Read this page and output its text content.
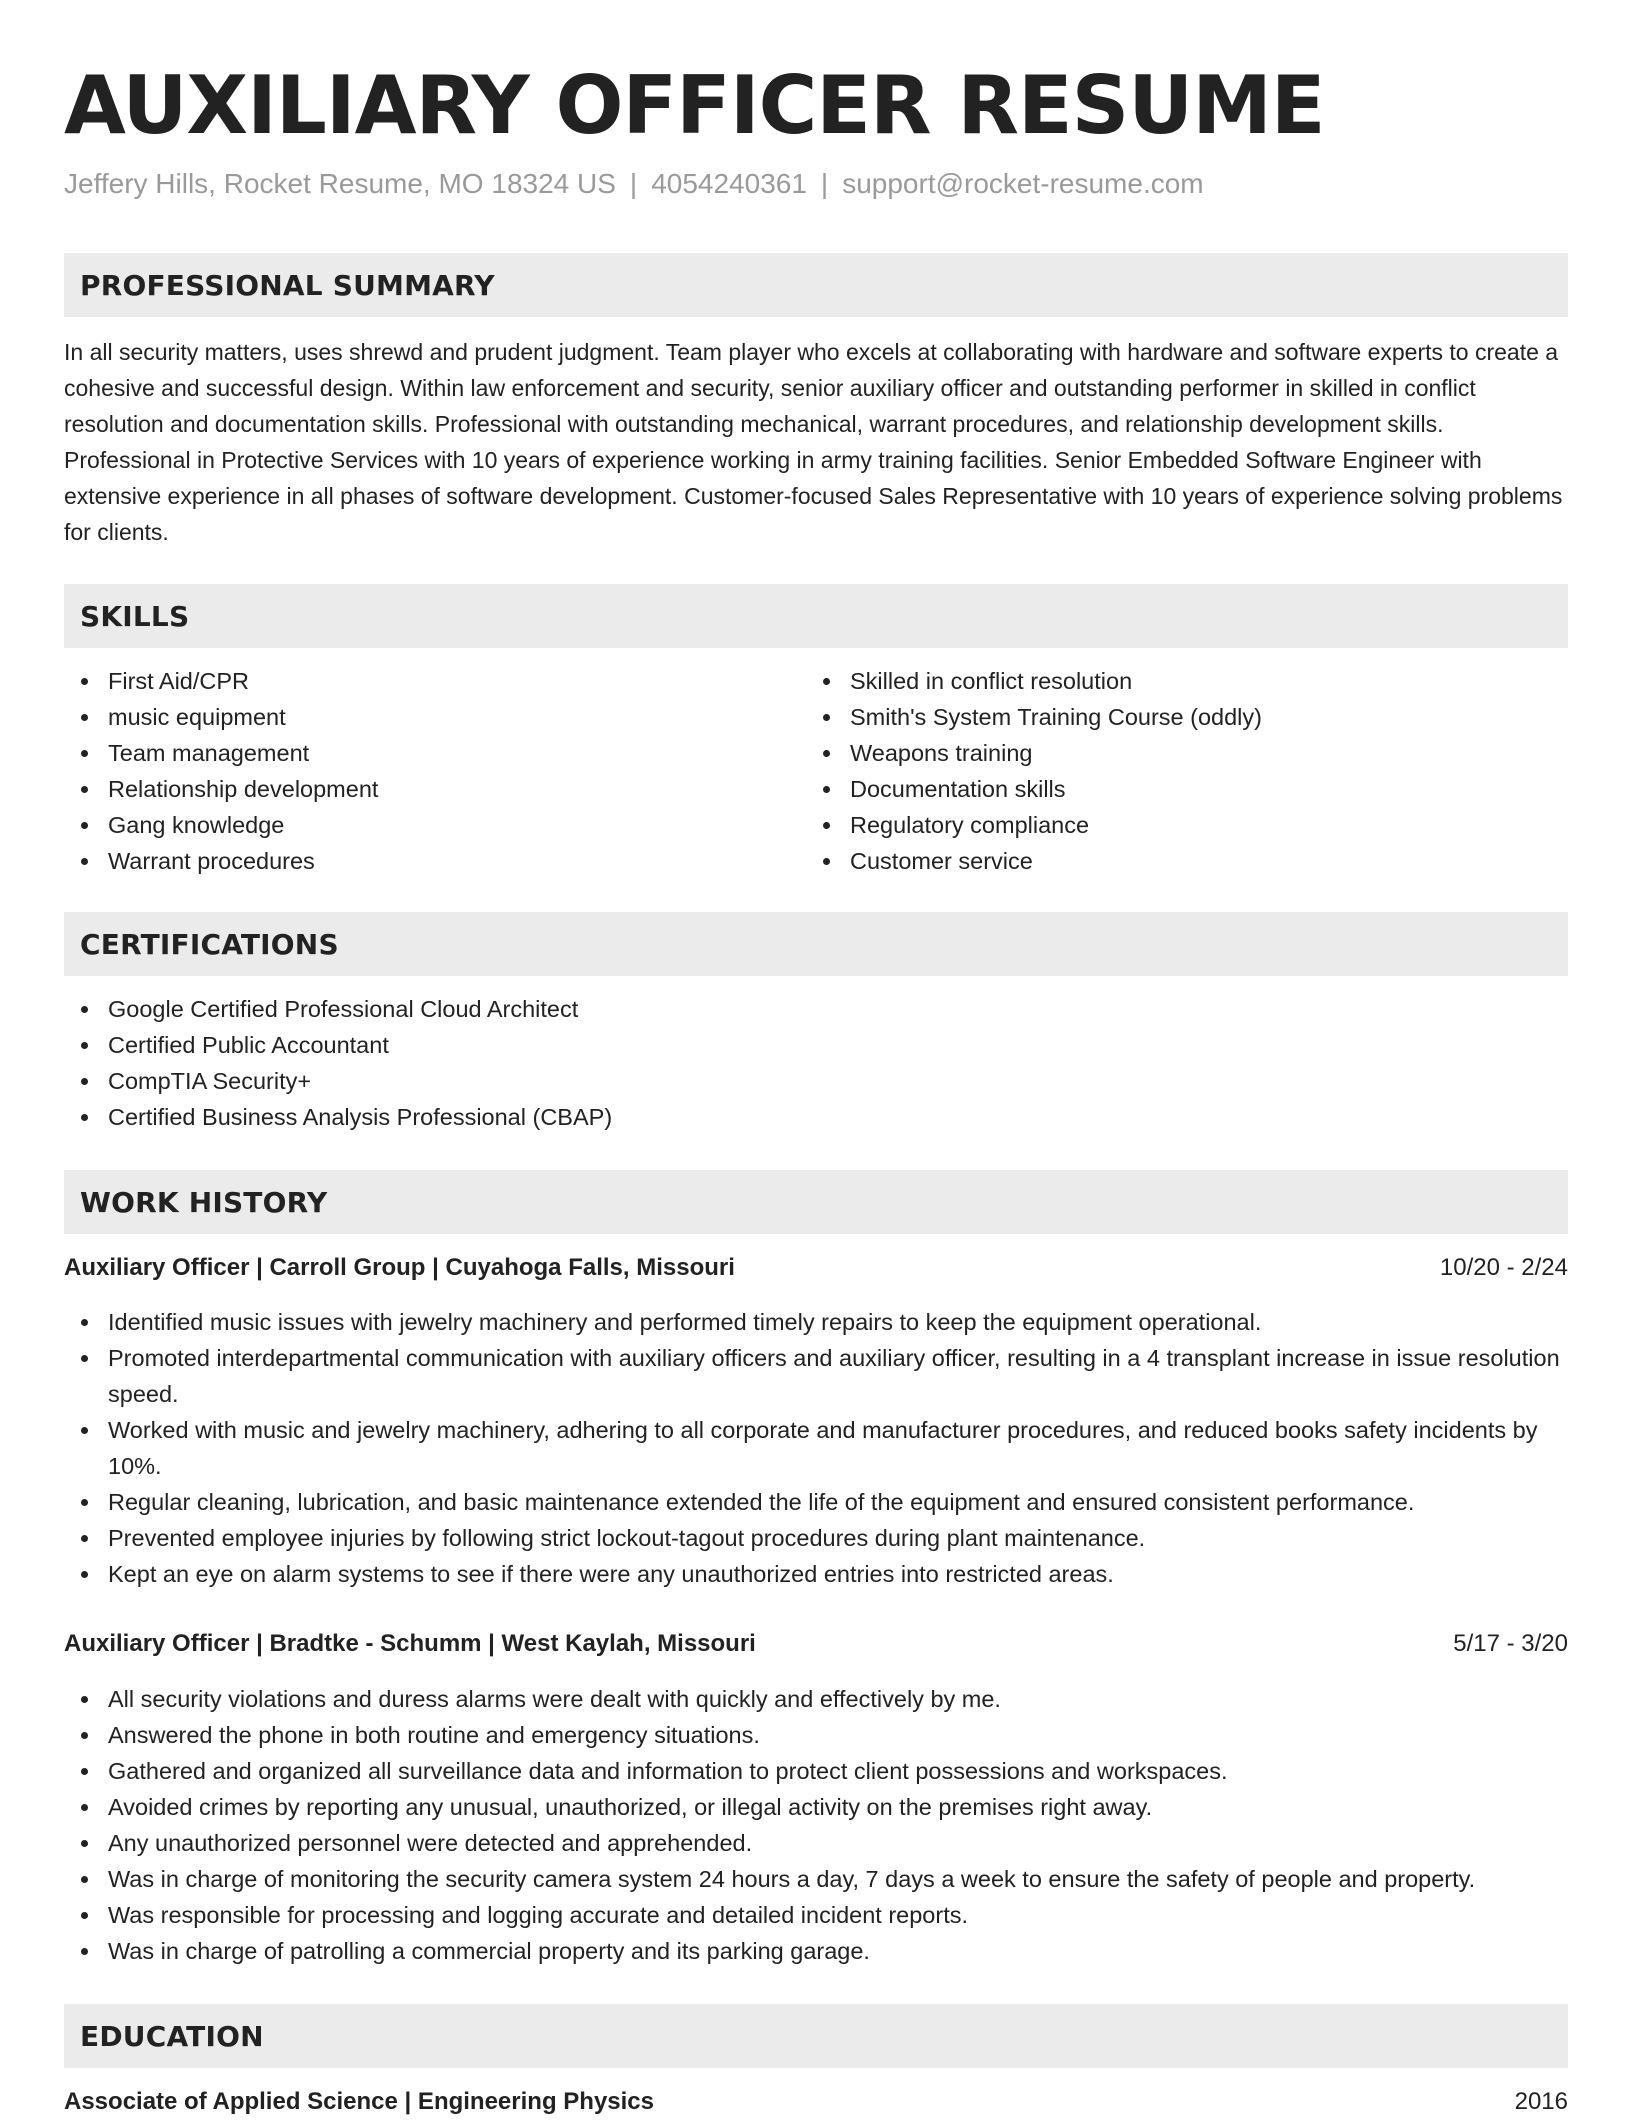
AUXILIARY OFFICER RESUME
Jeffery Hills, Rocket Resume, MO 18324 US | 4054240361 | support@rocket-resume.com
PROFESSIONAL SUMMARY

In all security matters, uses shrewd and prudent judgment. Team player who excels at collaborating with hardware and software experts to create a cohesive and successful design. Within law enforcement and security, senior auxiliary officer and outstanding performer in skilled in conflict resolution and documentation skills. Professional with outstanding mechanical, warrant procedures, and relationship development skills. Professional in Protective Services with 10 years of experience working in army training facilities. Senior Embedded Software Engineer with extensive experience in all phases of software development. Customer-focused Sales Representative with 10 years of experience solving problems for clients.

SKILLS
First Aid/CPR
music equipment
Team management
Relationship development
Gang knowledge
Warrant procedures
Skilled in conflict resolution
Smith's System Training Course (oddly)
Weapons training
Documentation skills
Regulatory compliance
Customer service
CERTIFICATIONS
Google Certified Professional Cloud Architect
Certified Public Accountant
CompTIA Security+
Certified Business Analysis Professional (CBAP)
WORK HISTORY
Auxiliary Officer | Carroll Group | Cuyahoga Falls, Missouri	10/20 - 2/24
Identified music issues with jewelry machinery and performed timely repairs to keep the equipment operational.
Promoted interdepartmental communication with auxiliary officers and auxiliary officer, resulting in a 4 transplant increase in issue resolution speed.
Worked with music and jewelry machinery, adhering to all corporate and manufacturer procedures, and reduced books safety incidents by 10%.
Regular cleaning, lubrication, and basic maintenance extended the life of the equipment and ensured consistent performance.
Prevented employee injuries by following strict lockout-tagout procedures during plant maintenance.
Kept an eye on alarm systems to see if there were any unauthorized entries into restricted areas.
Auxiliary Officer | Bradtke - Schumm | West Kaylah, Missouri	5/17 - 3/20
All security violations and duress alarms were dealt with quickly and effectively by me.
Answered the phone in both routine and emergency situations.
Gathered and organized all surveillance data and information to protect client possessions and workspaces.
Avoided crimes by reporting any unusual, unauthorized, or illegal activity on the premises right away.
Any unauthorized personnel were detected and apprehended.
Was in charge of monitoring the security camera system 24 hours a day, 7 days a week to ensure the safety of people and property.
Was responsible for processing and logging accurate and detailed incident reports.
Was in charge of patrolling a commercial property and its parking garage.
EDUCATION
Associate of Applied Science | Engineering Physics	2016
